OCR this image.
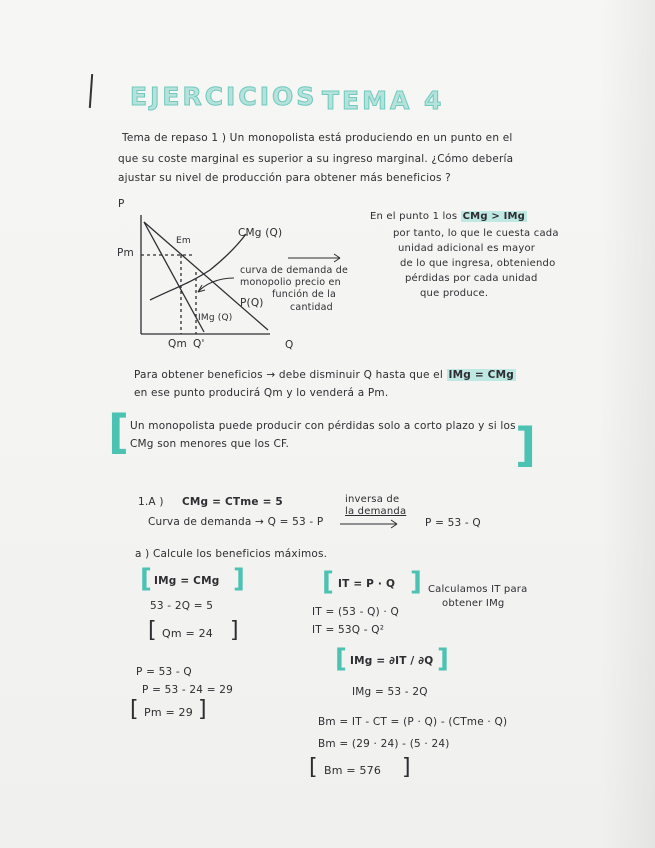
EJERCICIOS TEMA 4
Tema de repaso 1 ) Un monopolista está produciendo en un punto en el
que su coste marginal es superior a su ingreso marginal. ¿Cómo debería
ajustar su nivel de producción para obtener más beneficios ?
P
Q
Pm
Em
CMg (Q)
P(Q)
IMg (Q)
Qm Q'
curva de demanda de
monopolio precio en
función de la
cantidad
En el punto 1 los CMg > IMg
por tanto, lo que le cuesta cada
unidad adicional es mayor
de lo que ingresa, obteniendo
pérdidas por cada unidad
que produce.
Para obtener beneficios → debe disminuir Q hasta que el IMg = CMg
en ese punto producirá Qm y lo venderá a Pm.
[	]
Un monopolista puede producir con pérdidas solo a corto plazo y si los
CMg son menores que los CF.
1.A ) CMg = CTme = 5	inversa de
la demanda
Curva de demanda → Q = 53 - P	P = 53 - Q
a ) Calcule los beneficios máximos.
[ IMg = CMg ]
53 - 2Q = 5
[ Qm = 24 ]
P = 53 - Q
P = 53 - 24 = 29
[ Pm = 29 ]
[ IT = P · Q ] Calculamos IT para
obtener IMg
IT = (53 - Q) · Q
IT = 53Q - Q²
[ IMg = ∂IT / ∂Q ]
IMg = 53 - 2Q
Bm = IT - CT = (P · Q) - (CTme · Q)
Bm = (29 · 24) - (5 · 24)
[ Bm = 576 ]
